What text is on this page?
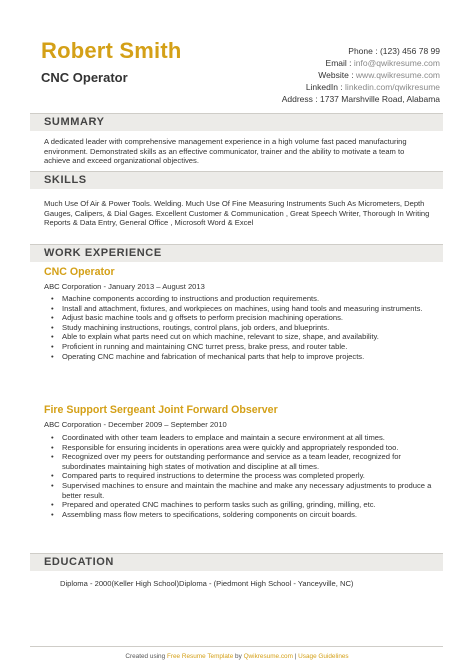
Robert Smith
CNC Operator
Phone : (123) 456 78 99
Email : info@qwikresume.com
Website : www.qwikresume.com
LinkedIn : linkedin.com/qwikresume
Address : 1737 Marshville Road, Alabama
SUMMARY
A dedicated leader with comprehensive management experience in a high volume fast paced manufacturing environment. Demonstrated skills as an effective communicator, trainer and the ability to motivate a team to achieve and exceed organizational objectives.
SKILLS
Much Use Of Air & Power Tools. Welding. Much Use Of Fine Measuring Instruments Such As Micrometers, Depth Gauges, Calipers, & Dial Gages. Excellent Customer & Communication , Great Speech Writer, Thorough In Writing Reports & Data Entry, General Office , Microsoft Word & Excel
WORK EXPERIENCE
CNC Operator
ABC Corporation - January 2013 – August 2013
• Machine components according to instructions and production requirements.
• Install and attachment, fixtures, and workpieces on machines, using hand tools and measuring instruments.
• Adjust basic machine tools and g offsets to perform precision machining operations.
• Study machining instructions, routings, control plans, job orders, and blueprints.
• Able to explain what parts need cut on which machine, relevant to size, shape, and availability.
• Proficient in running and maintaining CNC turret press, brake press, and router table.
• Operating CNC machine and fabrication of mechanical parts that help to improve projects.
Fire Support Sergeant Joint Forward Observer
ABC Corporation - December 2009 – September 2010
• Coordinated with other team leaders to emplace and maintain a secure environment at all times.
• Responsible for ensuring incidents in operations area were quickly and appropriately responded too.
• Recognized over my peers for outstanding performance and service as a team leader, recognized for subordinates maintaining high states of motivation and discipline at all times.
• Compared parts to required instructions to determine the process was completed properly.
• Supervised machines to ensure and maintain the machine and make any necessary adjustments to produce a better result.
• Prepared and operated CNC machines to perform tasks such as grilling, grinding, milling, etc.
• Assembling mass flow meters to specifications, soldering components on circuit boards.
EDUCATION
Diploma - 2000(Keller High School)Diploma - (Piedmont High School - Yanceyville, NC)
Created using Free Resume Template by Qwikresume.com | Usage Guidelines
